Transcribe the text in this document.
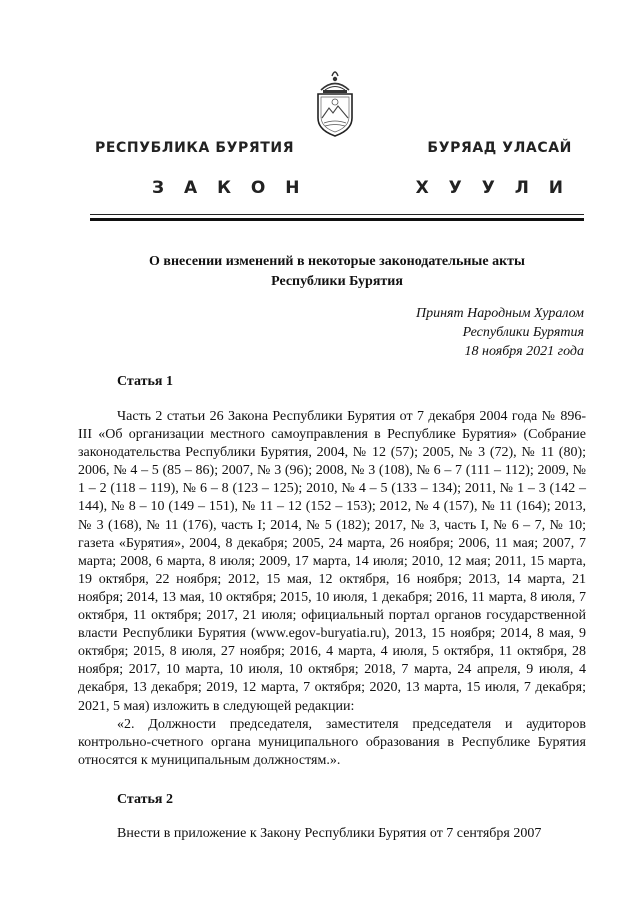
РЕСПУБЛИКА БУРЯТИЯ	БУРЯАД УЛАСАЙ
З А К О Н	Х У У Л И
О внесении изменений в некоторые законодательные акты
Республики Бурятия
Принят Народным Хуралом
Республики Бурятия
18 ноября 2021 года
Статья 1

Часть 2 статьи 26 Закона Республики Бурятия от 7 декабря 2004 года № 896-III «Об организации местного самоуправления в Республике Бурятия» (Собрание законодательства Республики Бурятия, 2004, № 12 (57); 2005, № 3 (72), № 11 (80); 2006, № 4 – 5 (85 – 86); 2007, № 3 (96); 2008, № 3 (108), № 6 – 7 (111 – 112); 2009, № 1 – 2 (118 – 119), № 6 – 8 (123 – 125); 2010, № 4 – 5 (133 – 134); 2011, № 1 – 3 (142 – 144), № 8 – 10 (149 – 151), № 11 – 12 (152 – 153); 2012, № 4 (157), № 11 (164); 2013, № 3 (168), № 11 (176), часть I; 2014, № 5 (182); 2017, № 3, часть I, № 6 – 7, № 10; газета «Бурятия», 2004, 8 декабря; 2005, 24 марта, 26 ноября; 2006, 11 мая; 2007, 7 марта; 2008, 6 марта, 8 июля; 2009, 17 марта, 14 июля; 2010, 12 мая; 2011, 15 марта, 19 октября, 22 ноября; 2012, 15 мая, 12 октября, 16 ноября; 2013, 14 марта, 21 ноября; 2014, 13 мая, 10 октября; 2015, 10 июля, 1 декабря; 2016, 11 марта, 8 июля, 7 октября, 11 октября; 2017, 21 июля; официальный портал органов государственной власти Республики Бурятия (www.egov-buryatia.ru), 2013, 15 ноября; 2014, 8 мая, 9 октября; 2015, 8 июля, 27 ноября; 2016, 4 марта, 4 июля, 5 октября, 11 октября, 28 ноября; 2017, 10 марта, 10 июля, 10 октября; 2018, 7 марта, 24 апреля, 9 июля, 4 декабря, 13 декабря; 2019, 12 марта, 7 октября; 2020, 13 марта, 15 июля, 7 декабря; 2021, 5 мая) изложить в следующей редакции:

«2. Должности председателя, заместителя председателя и аудиторов контрольно-счетного органа муниципального образования в Республике Бурятия относятся к муниципальным должностям.».

Статья 2

Внести в приложение к Закону Республики Бурятия от 7 сентября 2007
